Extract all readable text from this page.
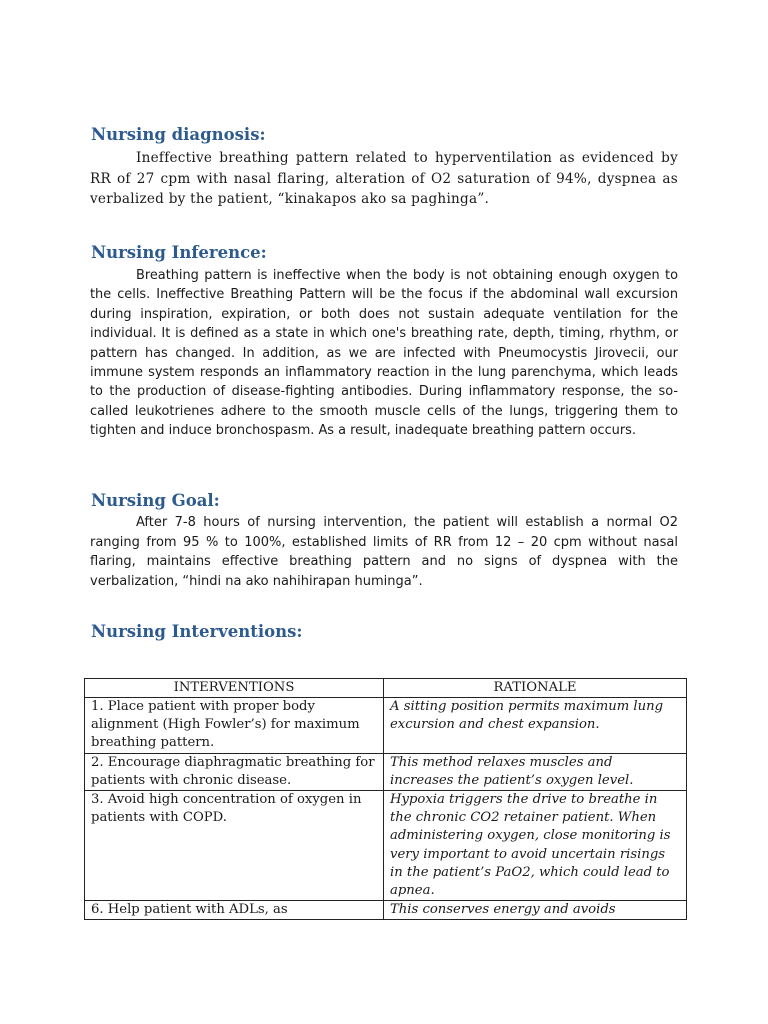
Nursing diagnosis:

Ineffective breathing pattern related to hyperventilation as evidenced by RR of 27 cpm with nasal flaring, alteration of O2 saturation of 94%, dyspnea as verbalized by the patient, “kinakapos ako sa paghinga”.

Nursing Inference:

Breathing pattern is ineffective when the body is not obtaining enough oxygen to the cells. Ineffective Breathing Pattern will be the focus if the abdominal wall excursion during inspiration, expiration, or both does not sustain adequate ventilation for the individual. It is defined as a state in which one's breathing rate, depth, timing, rhythm, or pattern has changed. In addition, as we are infected with Pneumocystis Jirovecii, our immune system responds an inflammatory reaction in the lung parenchyma, which leads to the production of disease-fighting antibodies. During inflammatory response, the so-called leukotrienes adhere to the smooth muscle cells of the lungs, triggering them to tighten and induce bronchospasm. As a result, inadequate breathing pattern occurs.

Nursing Goal:

After 7-8 hours of nursing intervention, the patient will establish a normal O2 ranging from 95 % to 100%, established limits of RR from 12 – 20 cpm without nasal flaring, maintains effective breathing pattern and no signs of dyspnea with the verbalization, “hindi na ako nahihirapan huminga”.

Nursing Interventions:
INTERVENTIONS	RATIONALE
1. Place patient with proper body alignment (High Fowler’s) for maximum breathing pattern.	A sitting position permits maximum lung excursion and chest expansion.
2. Encourage diaphragmatic breathing for patients with chronic disease.	This method relaxes muscles and increases the patient’s oxygen level.
3. Avoid high concentration of oxygen in patients with COPD.	Hypoxia triggers the drive to breathe in the chronic CO2 retainer patient. When administering oxygen, close monitoring is very important to avoid uncertain risings in the patient’s PaO2, which could lead to apnea.
6. Help patient with ADLs, as	This conserves energy and avoids
